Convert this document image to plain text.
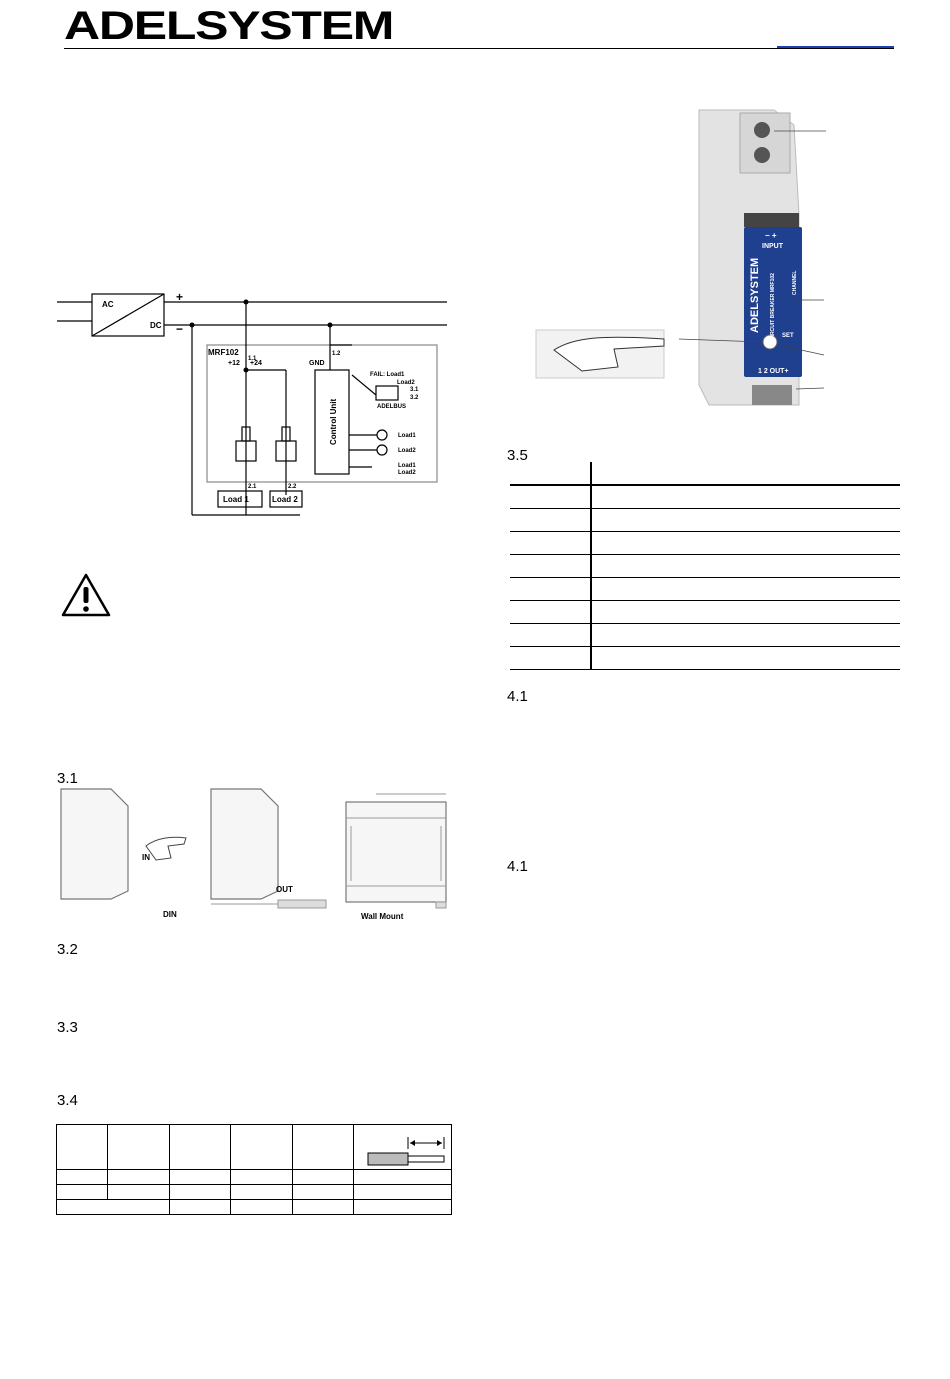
ADELSYSTEM
AC
DC
+
−
MRF102
1.1
1.2
+12 +24	GND
FAIL: Load1
Load2
3.1
3.2
ADELBUS
Control Unit	Load1
Load2
Load1
Load2
2.1	2.2
Load 1	Load 2
3.1
3.2
3.3
3.4
3.5
4.1
4.1
IN
OUT
DIN	Wall Mount

− +
INPUT
ADELSYSTEM CIRCUIT BREAKER MRF102	CHANNEL
SET
1 2 OUT+
